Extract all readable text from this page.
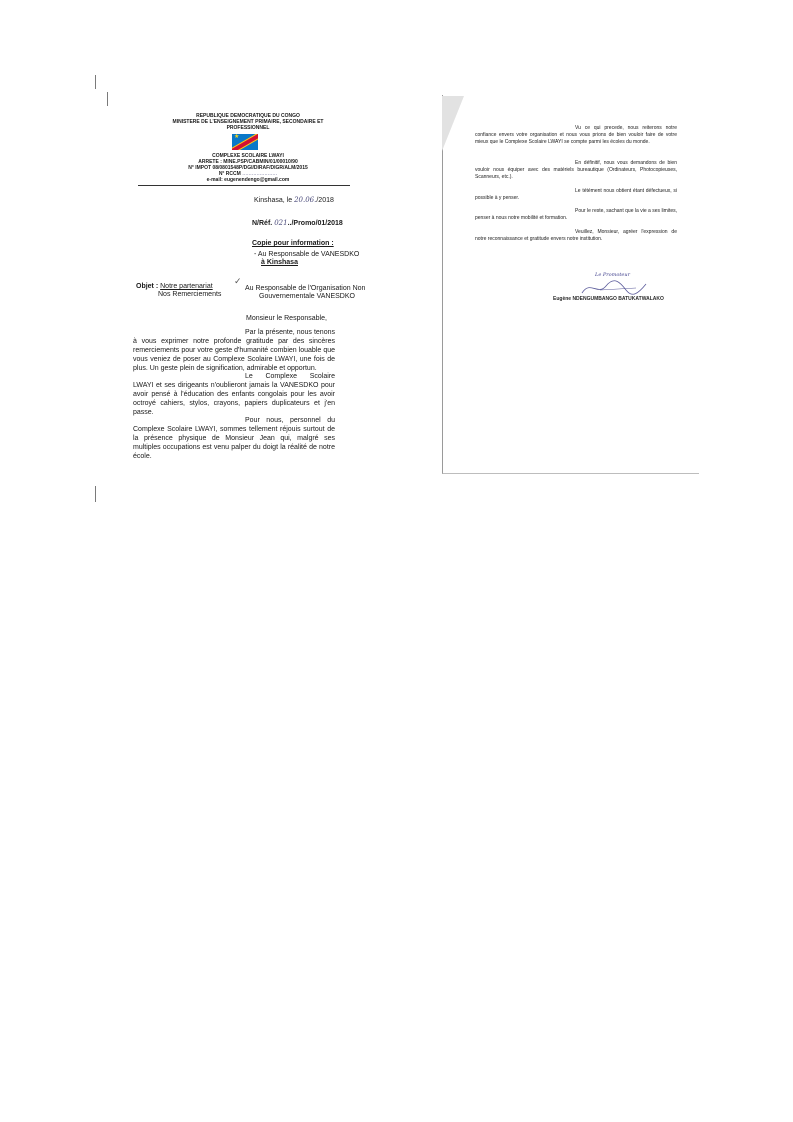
REPUBLIQUE DEMOCRATIQUE DU CONGO
MINISTERE DE L'ENSEIGNEMENT PRIMAIRE, SECONDAIRE ET
PROFESSIONNEL
★
COMPLEXE SCOLAIRE LWAYI
ARRETE : MINE.PSP/CABMIN/01/00010/90
N° IMPOT 08/0801548P/DGI/DIRAF/DIGR/ALM/2015
N° RCCM ......................
e-mail: eugenendengo@gmail.com
Kinshasa, le 20.06./2018
N/Réf. 021../Promo/01/2018
Copie pour information :
- Au Responsable de VANESDKO
à Kinshasa
Objet : Notre partenariat
Nos Remerciements
✓
Au Responsable de l'Organisation Non
Gouvernementale VANESDKO
Monsieur le Responsable,
Par la présente, nous tenons à vous exprimer notre profonde gratitude par des sincères remerciements pour votre geste d'humanité combien louable que vous veniez de poser au Complexe Scolaire LWAYI, une fois de plus. Un geste plein de signification, admirable et opportun.
Le Complexe Scolaire LWAYI et ses dirigeants n'oublieront jamais la VANESDKO pour avoir pensé à l'éducation des enfants congolais pour les avoir octroyé cahiers, stylos, crayons, papiers duplicateurs et j'en passe.
Pour nous, personnel du Complexe Scolaire LWAYI, sommes tellement réjouis surtout de la présence physique de Monsieur Jean qui, malgré ses multiples occupations est venu palper du doigt la réalité de notre école.
Vu ce qui precede, nous reiterons notre confiance envers votre organisation et nous vous prions de bien vouloir faire de votre mieux que le Complexe Scolaire LWAYI se compte parmi les écoles du monde.
En définitif, nous vous demandons de bien vouloir nous équiper avec des matériels bureautique (Ordinateurs, Photocopieuses, Scanneurs, etc.).
Le tétément nous obtient étant défectueux, si possible à y penser.
Pour le reste, sachant que la vie a ses limites, penser à nous notre mobilité et formation.
Veuillez, Monsieur, agréer l'expression de notre reconnaissance et gratitude envers notre institution.
Le Promoteur
Eugène NDENGUMBANGO BATUKATWALAKO
